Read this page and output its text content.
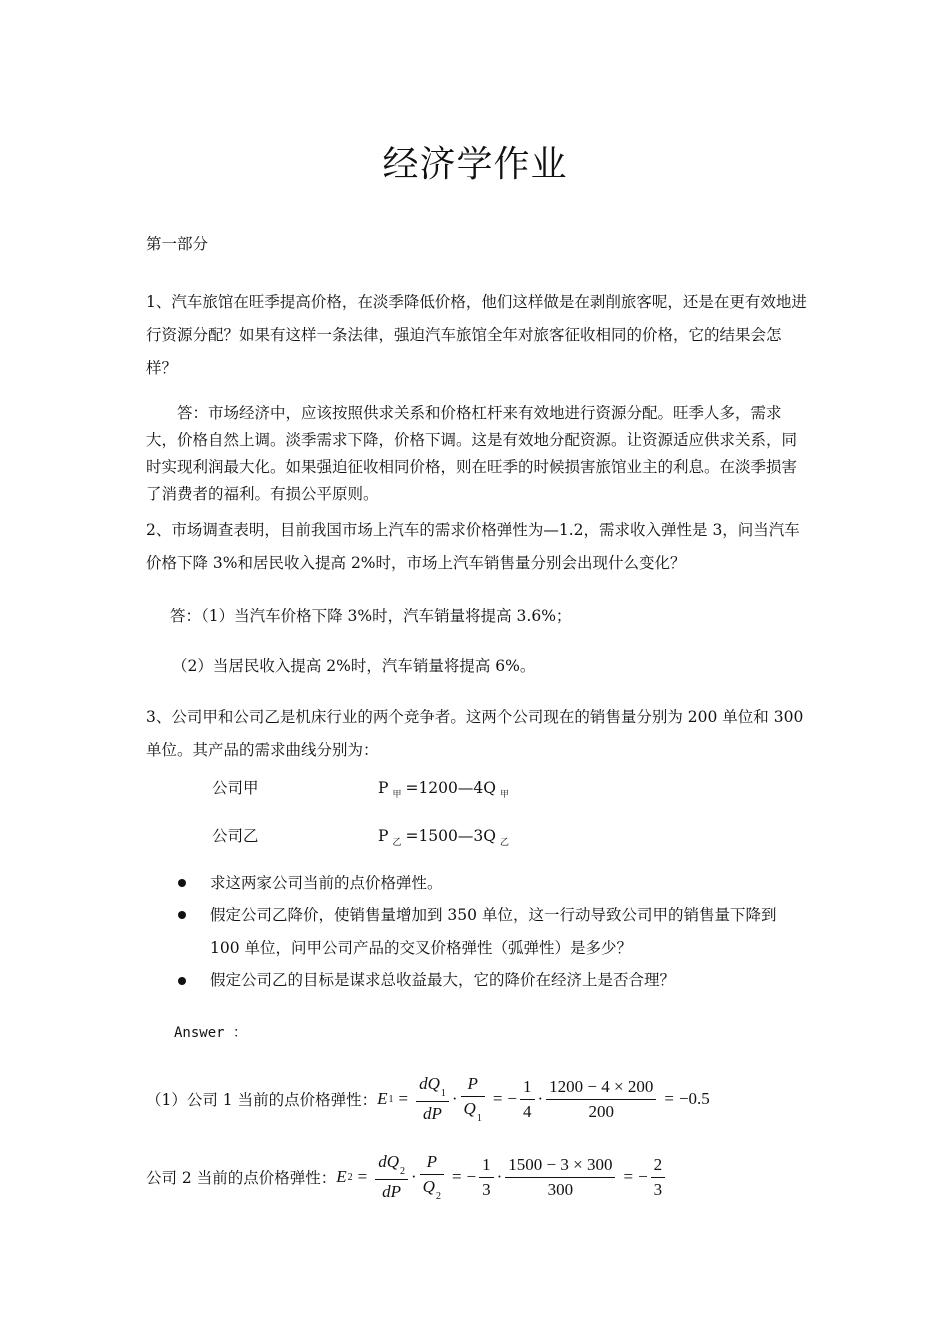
经济学作业
第一部分
1、汽车旅馆在旺季提高价格，在淡季降低价格，他们这样做是在剥削旅客呢，还是在更有效地进行资源分配？如果有这样一条法律，强迫汽车旅馆全年对旅客征收相同的价格，它的结果会怎样？
答：市场经济中，应该按照供求关系和价格杠杆来有效地进行资源分配。旺季人多，需求大，价格自然上调。淡季需求下降，价格下调。这是有效地分配资源。让资源适应供求关系，同时实现利润最大化。如果强迫征收相同价格，则在旺季的时候损害旅馆业主的利息。在淡季损害了消费者的福利。有损公平原则。
2、市场调查表明，目前我国市场上汽车的需求价格弹性为—1.2，需求收入弹性是 3，问当汽车价格下降 3%和居民收入提高 2%时，市场上汽车销售量分别会出现什么变化？
答：（1）当汽车价格下降 3%时，汽车销量将提高 3.6%；
（2）当居民收入提高 2%时，汽车销量将提高 6%。
3、公司甲和公司乙是机床行业的两个竞争者。这两个公司现在的销售量分别为 200 单位和 300 单位。其产品的需求曲线分别为：
公司甲	P $_甲$ =1200—4Q $_甲$
公司乙	P $_乙$ =1500—3Q $_乙$
求这两家公司当前的点价格弹性。
假定公司乙降价，使销售量增加到 350 单位，这一行动导致公司甲的销售量下降到 100 单位，问甲公司产品的交叉价格弹性（弧弹性）是多少？
假定公司乙的目标是谋求总收益最大，它的降价在经济上是否合理？
Answer ：
（1）公司 1 当前的点价格弹性： E $1 = \frac{dQ_1}{dP} \cdot \frac{P}{Q_1}$ = − $\frac{1}{4} \cdot \frac{1200 - 4 \times 200}{200} = -0.5$
公司 2 当前的点价格弹性： E $2 = \frac{dQ_2}{dP} \cdot \frac{P}{Q_2}$ = − $\frac{1}{3} \cdot \frac{1500 - 3 \times 300}{300}$ = − $\frac{2}{3}$
